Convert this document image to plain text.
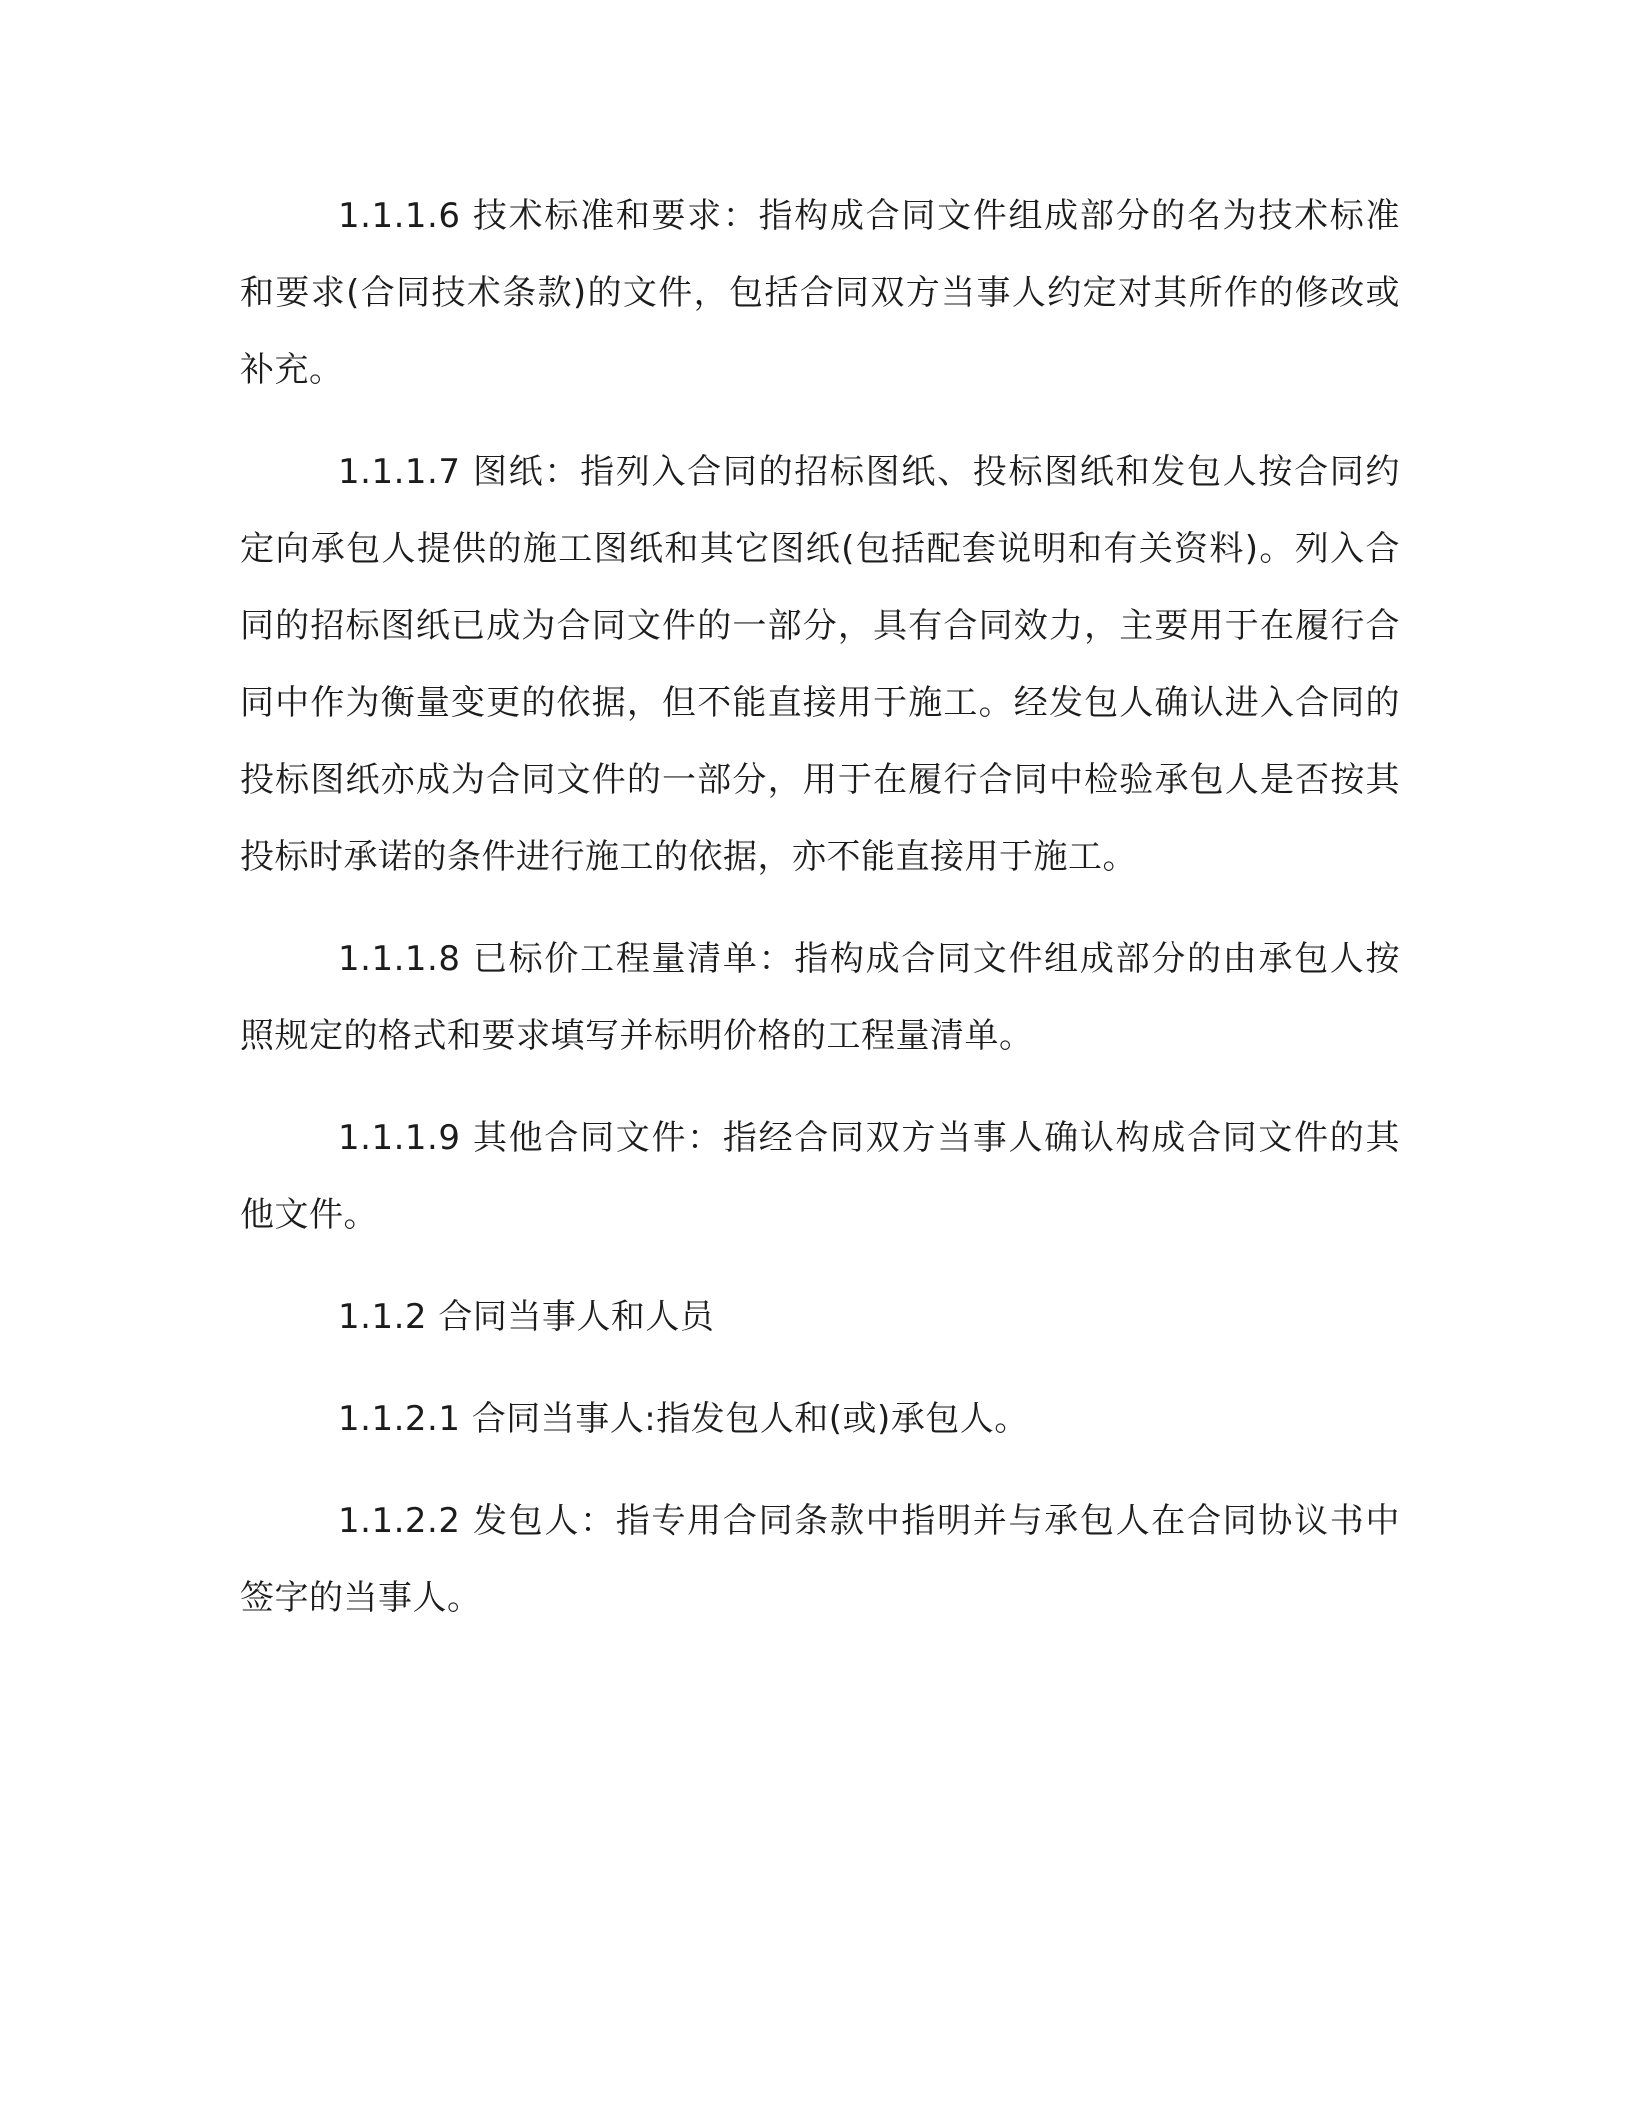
1.1.1.6 技术标准和要求：指构成合同文件组成部分的名为技术标准和要求(合同技术条款)的文件，包括合同双方当事人约定对其所作的修改或补充。

1.1.1.7 图纸：指列入合同的招标图纸、投标图纸和发包人按合同约定向承包人提供的施工图纸和其它图纸(包括配套说明和有关资料)。列入合同的招标图纸已成为合同文件的一部分，具有合同效力，主要用于在履行合同中作为衡量变更的依据，但不能直接用于施工。经发包人确认进入合同的投标图纸亦成为合同文件的一部分，用于在履行合同中检验承包人是否按其投标时承诺的条件进行施工的依据，亦不能直接用于施工。

1.1.1.8 已标价工程量清单：指构成合同文件组成部分的由承包人按照规定的格式和要求填写并标明价格的工程量清单。

1.1.1.9 其他合同文件：指经合同双方当事人确认构成合同文件的其他文件。

1.1.2 合同当事人和人员

1.1.2.1 合同当事人:指发包人和(或)承包人。

1.1.2.2 发包人：指专用合同条款中指明并与承包人在合同协议书中签字的当事人。
